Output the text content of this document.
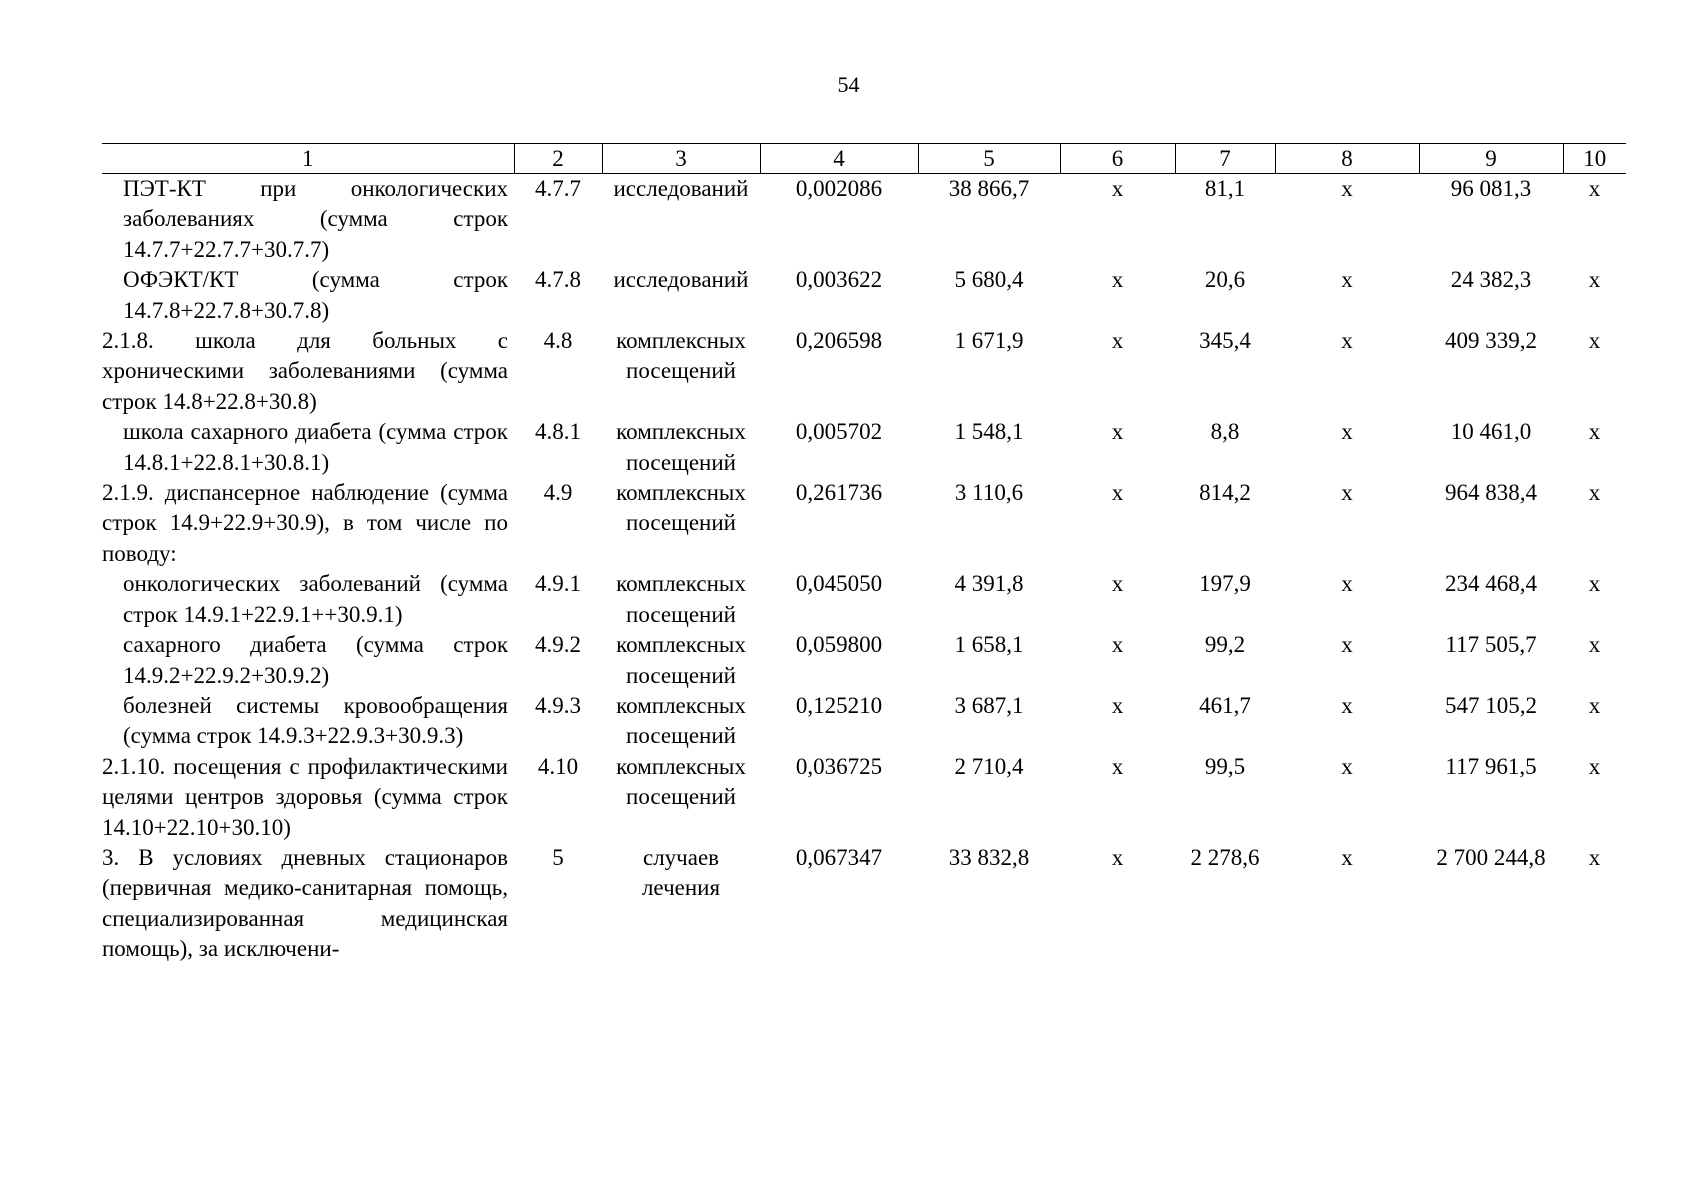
54
1	2	3	4	5	6	7	8	9	10

ПЭТ-КТ при онкологических заболеваниях (сумма строк 14.7.7+22.7.7+30.7.7)	4.7.7	исследований	0,002086	38 866,7	х	81,1	х	96 081,3	х

ОФЭКТ/КТ (сумма строк 14.7.8+22.7.8+30.7.8)	4.7.8	исследований	0,003622	5 680,4	х	20,6	х	24 382,3	х

2.1.8. школа для больных с хроническими заболеваниями (сумма строк 14.8+22.8+30.8)	4.8	комплексных посещений	0,206598	1 671,9	х	345,4	х	409 339,2	х

школа сахарного диабета (сумма строк 14.8.1+22.8.1+30.8.1)	4.8.1	комплексных посещений	0,005702	1 548,1	х	8,8	х	10 461,0	х

2.1.9. диспансерное наблюдение (сумма строк 14.9+22.9+30.9), в том числе по поводу:	4.9	комплексных посещений	0,261736	3 110,6	х	814,2	х	964 838,4	х

онкологических заболеваний (сумма строк 14.9.1+22.9.1++30.9.1)	4.9.1	комплексных посещений	0,045050	4 391,8	х	197,9	х	234 468,4	х

сахарного диабета (сумма строк 14.9.2+22.9.2+30.9.2)	4.9.2	комплексных посещений	0,059800	1 658,1	х	99,2	х	117 505,7	х

болезней системы кровообращения (сумма строк 14.9.3+22.9.3+30.9.3)	4.9.3	комплексных посещений	0,125210	3 687,1	х	461,7	х	547 105,2	х

2.1.10. посещения с профилактическими целями центров здоровья (сумма строк 14.10+22.10+30.10)	4.10	комплексных посещений	0,036725	2 710,4	х	99,5	х	117 961,5	х

3. В условиях дневных стационаров (первичная медико-санитарная помощь, специализированная медицинская помощь), за исключени-	5	случаев лечения	0,067347	33 832,8	х	2 278,6	х	2 700 244,8	х
